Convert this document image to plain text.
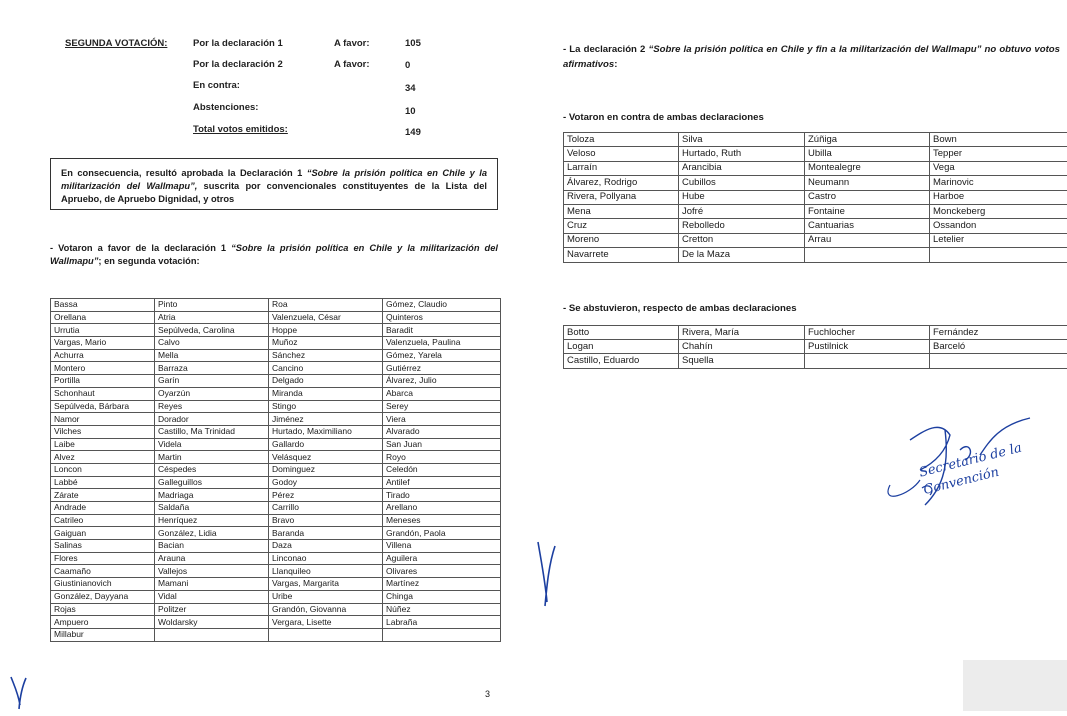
SEGUNDA VOTACIÓN:	Por la declaración 1	A favor:	105
Por la declaración 2	A favor:	0
En contra:	34
Abstenciones:	10
Total votos emitidos:	149
En consecuencia, resultó aprobada la Declaración 1 “Sobre la prisión política en Chile y la militarización del Wallmapu”, suscrita por convencionales constituyentes de la Lista del Apruebo, de Apruebo Dignidad, y otros
- Votaron a favor de la declaración 1 “Sobre la prisión política en Chile y la militarización del Wallmapu”; en segunda votación:
Bassa	Pinto	Roa	Gómez, Claudio
Orellana	Atria	Valenzuela, César	Quinteros
Urrutia	Sepúlveda, Carolina	Hoppe	Baradit
Vargas, Mario	Calvo	Muñoz	Valenzuela, Paulina
Achurra	Mella	Sánchez	Gómez, Yarela
Montero	Barraza	Cancino	Gutiérrez
Portilla	Garín	Delgado	Álvarez, Julio
Schonhaut	Oyarzún	Miranda	Abarca
Sepúlveda, Bárbara	Reyes	Stingo	Serey
Namor	Dorador	Jiménez	Viera
Vilches	Castillo, Ma Trinidad	Hurtado, Maximiliano	Alvarado
Laibe	Videla	Gallardo	San Juan
Alvez	Martin	Velásquez	Royo
Loncon	Céspedes	Dominguez	Celedón
Labbé	Galleguillos	Godoy	Antilef
Zárate	Madriaga	Pérez	Tirado
Andrade	Saldaña	Carrillo	Arellano
Catrileo	Henríquez	Bravo	Meneses
Gaiguan	González, Lidia	Baranda	Grandón, Paola
Salinas	Bacian	Daza	Villena
Flores	Arauna	Linconao	Aguilera
Caamaño	Vallejos	Llanquileo	Olivares
Giustinianovich	Mamani	Vargas, Margarita	Martínez
González, Dayyana	Vidal	Uribe	Chinga
Rojas	Politzer	Grandón, Giovanna	Núñez
Ampuero	Woldarsky	Vergara, Lisette	Labraña
Millabur			
3
- La declaración 2 “Sobre la prisión política en Chile y fin a la militarización del Wallmapu” no obtuvo votos afirmativos:
- Votaron en contra de ambas declaraciones
Toloza	Silva	Zúñiga	Bown
Veloso	Hurtado, Ruth	Ubilla	Tepper
Larraín	Arancibia	Montealegre	Vega
Álvarez, Rodrigo	Cubillos	Neumann	Marinovic
Rivera, Pollyana	Hube	Castro	Harboe
Mena	Jofré	Fontaine	Monckeberg
Cruz	Rebolledo	Cantuarias	Ossandon
Moreno	Cretton	Arrau	Letelier
Navarrete	De la Maza		
- Se abstuvieron, respecto de ambas declaraciones
Botto	Rivera, María	Fuchlocher	Fernández
Logan	Chahín	Pustilnick	Barceló
Castillo, Eduardo	Squella		
Secretario de la Convención
